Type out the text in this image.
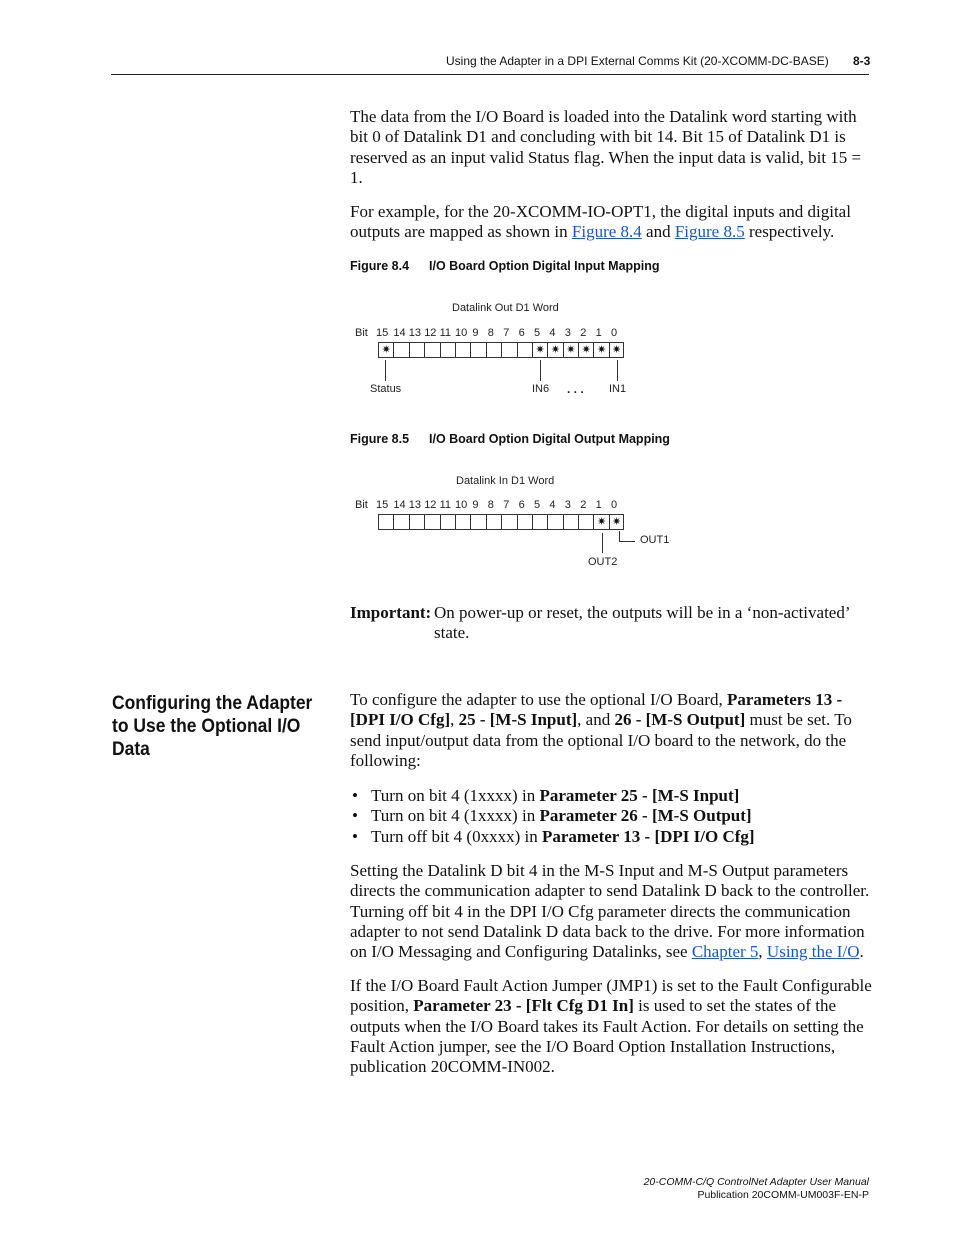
Using the Adapter in a DPI External Comms Kit (20-XCOMM-DC-BASE) 8-3

The data from the I/O Board is loaded into the Datalink word starting with bit 0 of Datalink D1 and concluding with bit 14. Bit 15 of Datalink D1 is reserved as an input valid Status flag. When the input data is valid, bit 15 = 1.

For example, for the 20-XCOMM-IO-OPT1, the digital inputs and digital outputs are mapped as shown in Figure 8.4 and Figure 8.5 respectively.

Figure 8.4 I/O Board Option Digital Input Mapping
Datalink Out D1 Word
Bit 15 14 13 12 11 10 9 8 7 6 5 4 3 2 1 0
✷	✷ ✷ ✷ ✷ ✷ ✷
Status	IN6 . . . IN1
Figure 8.5 I/O Board Option Digital Output Mapping
Datalink In D1 Word
Bit 15 14 13 12 11 10 9 8 7 6 5 4 3 2 1 0
✷ ✷
OUT1
OUT2
Important: On power-up or reset, the outputs will be in a ‘non-activated’ state.
Configuring the Adapter to Use the Optional I/O Data

To configure the adapter to use the optional I/O Board, Parameters 13 - [DPI I/O Cfg], 25 - [M-S Input], and 26 - [M-S Output] must be set. To send input/output data from the optional I/O board to the network, do the following:

• Turn on bit 4 (1xxxx) in Parameter 25 - [M-S Input]
• Turn on bit 4 (1xxxx) in Parameter 26 - [M-S Output]
• Turn off bit 4 (0xxxx) in Parameter 13 - [DPI I/O Cfg]

Setting the Datalink D bit 4 in the M-S Input and M-S Output parameters directs the communication adapter to send Datalink D back to the controller. Turning off bit 4 in the DPI I/O Cfg parameter directs the communication adapter to not send Datalink D data back to the drive. For more information on I/O Messaging and Configuring Datalinks, see Chapter 5, Using the I/O.

If the I/O Board Fault Action Jumper (JMP1) is set to the Fault Configurable position, Parameter 23 - [Flt Cfg D1 In] is used to set the states of the outputs when the I/O Board takes its Fault Action. For details on setting the Fault Action jumper, see the I/O Board Option Installation Instructions, publication 20COMM-IN002.

20-COMM-C/Q ControlNet Adapter User Manual
Publication 20COMM-UM003F-EN-P
